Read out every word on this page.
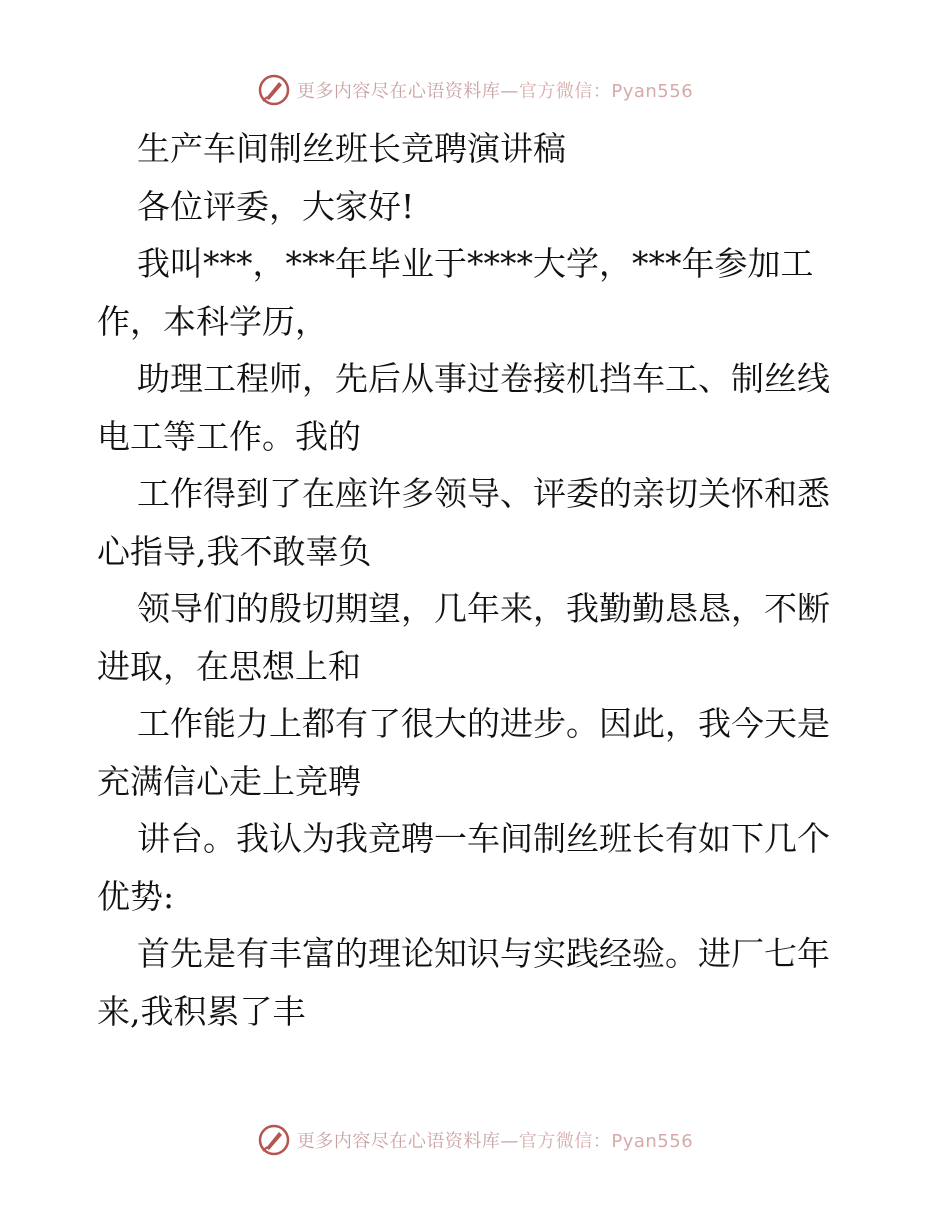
更多内容尽在心语资料库—官方微信：Pyan556

生产车间制丝班长竞聘演讲稿

各位评委，大家好!

我叫***，***年毕业于****大学，***年参加工作，本科学历，

助理工程师，先后从事过卷接机挡车工、制丝线电工等工作。我的

工作得到了在座许多领导、评委的亲切关怀和悉心指导,我不敢辜负

领导们的殷切期望，几年来，我勤勤恳恳，不断进取，在思想上和

工作能力上都有了很大的进步。因此，我今天是充满信心走上竞聘

讲台。我认为我竞聘一车间制丝班长有如下几个优势:

首先是有丰富的理论知识与实践经验。进厂七年来,我积累了丰

更多内容尽在心语资料库—官方微信：Pyan556
